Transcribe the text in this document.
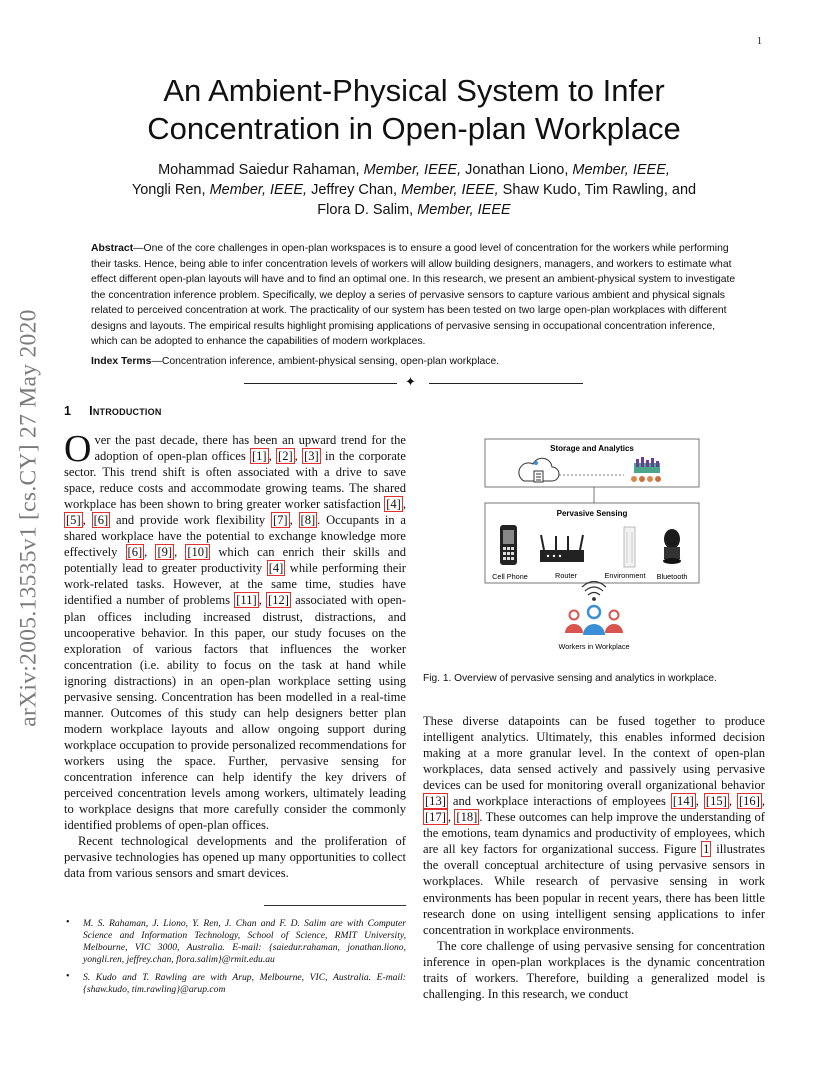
1
arXiv:2005.13535v1 [cs.CY] 27 May 2020
An Ambient-Physical System to Infer
Concentration in Open-plan Workplace
Mohammad Saiedur Rahaman, Member, IEEE, Jonathan Liono, Member, IEEE,
Yongli Ren, Member, IEEE, Jeffrey Chan, Member, IEEE, Shaw Kudo, Tim Rawling, and
Flora D. Salim, Member, IEEE
Abstract—One of the core challenges in open-plan workspaces is to ensure a good level of concentration for the workers while performing their tasks. Hence, being able to infer concentration levels of workers will allow building designers, managers, and workers to estimate what effect different open-plan layouts will have and to find an optimal one. In this research, we present an ambient-physical system to investigate the concentration inference problem. Specifically, we deploy a series of pervasive sensors to capture various ambient and physical signals related to perceived concentration at work. The practicality of our system has been tested on two large open-plan workplaces with different designs and layouts. The empirical results highlight promising applications of pervasive sensing in occupational concentration inference, which can be adopted to enhance the capabilities of modern workplaces.
Index Terms—Concentration inference, ambient-physical sensing, open-plan workplace.
✦
1 Introduction

Over the past decade, there has been an upward trend for the adoption of open-plan offices [1] , [2] , [3] in the corporate sector. This trend shift is often associated with a drive to save space, reduce costs and accommodate growing teams. The shared workplace has been shown to bring greater worker satisfaction [4] , [5] , [6] and provide work flexibility [7] , [8] . Occupants in a shared workplace have the potential to exchange knowledge more effectively [6] , [9] , [10] which can enrich their skills and potentially lead to greater productivity [4] while performing their work-related tasks. However, at the same time, studies have identified a number of problems [11] , [12] associated with open-plan offices including increased distrust, distractions, and uncooperative behavior. In this paper, our study focuses on the exploration of various factors that influences the worker concentration (i.e. ability to focus on the task at hand while ignoring distractions) in an open-plan workplace setting using pervasive sensing. Concentration has been modelled in a real-time manner. Outcomes of this study can help designers better plan modern workplace layouts and allow ongoing support during workplace occupation to provide personalized recommendations for workers using the space. Further, pervasive sensing for concentration inference can help identify the key drivers of perceived concentration levels among workers, ultimately leading to workplace designs that more carefully consider the commonly identified problems of open-plan offices.

Recent technological developments and the proliferation of pervasive technologies has opened up many opportunities to collect data from various sensors and smart devices.

• M. S. Rahaman, J. Liono, Y. Ren, J. Chan and F. D. Salim are with Computer Science and Information Technology, School of Science, RMIT University, Melbourne, VIC 3000, Australia. E-mail: {saiedur.rahaman, jonathan.liono, yongli.ren, jeffrey.chan, flora.salim}@rmit.edu.au
• S. Kudo and T. Rawling are with Arup, Melbourne, VIC, Australia. E-mail: {shaw.kudo, tim.rawling}@arup.com
Storage and Analytics
Pervasive Sensing
Cell Phone	Router	Environment Bluetooth
Workers in Workplace
Fig. 1. Overview of pervasive sensing and analytics in workplace.

These diverse datapoints can be fused together to produce intelligent analytics. Ultimately, this enables informed decision making at a more granular level. In the context of open-plan workplaces, data sensed actively and passively using pervasive devices can be used for monitoring overall organizational behavior [13] and workplace interactions of employees [14] , [15] , [16] , [17] , [18] . These outcomes can help improve the understanding of the emotions, team dynamics and productivity of employees, which are all key factors for organizational success. Figure 1 illustrates the overall conceptual architecture of using pervasive sensors in workplaces. While research of pervasive sensing in work environments has been popular in recent years, there has been little research done on using intelligent sensing applications to infer concentration in workplace environments.

The core challenge of using pervasive sensing for concentration inference in open-plan workplaces is the dynamic concentration traits of workers. Therefore, building a generalized model is challenging. In this research, we conduct
